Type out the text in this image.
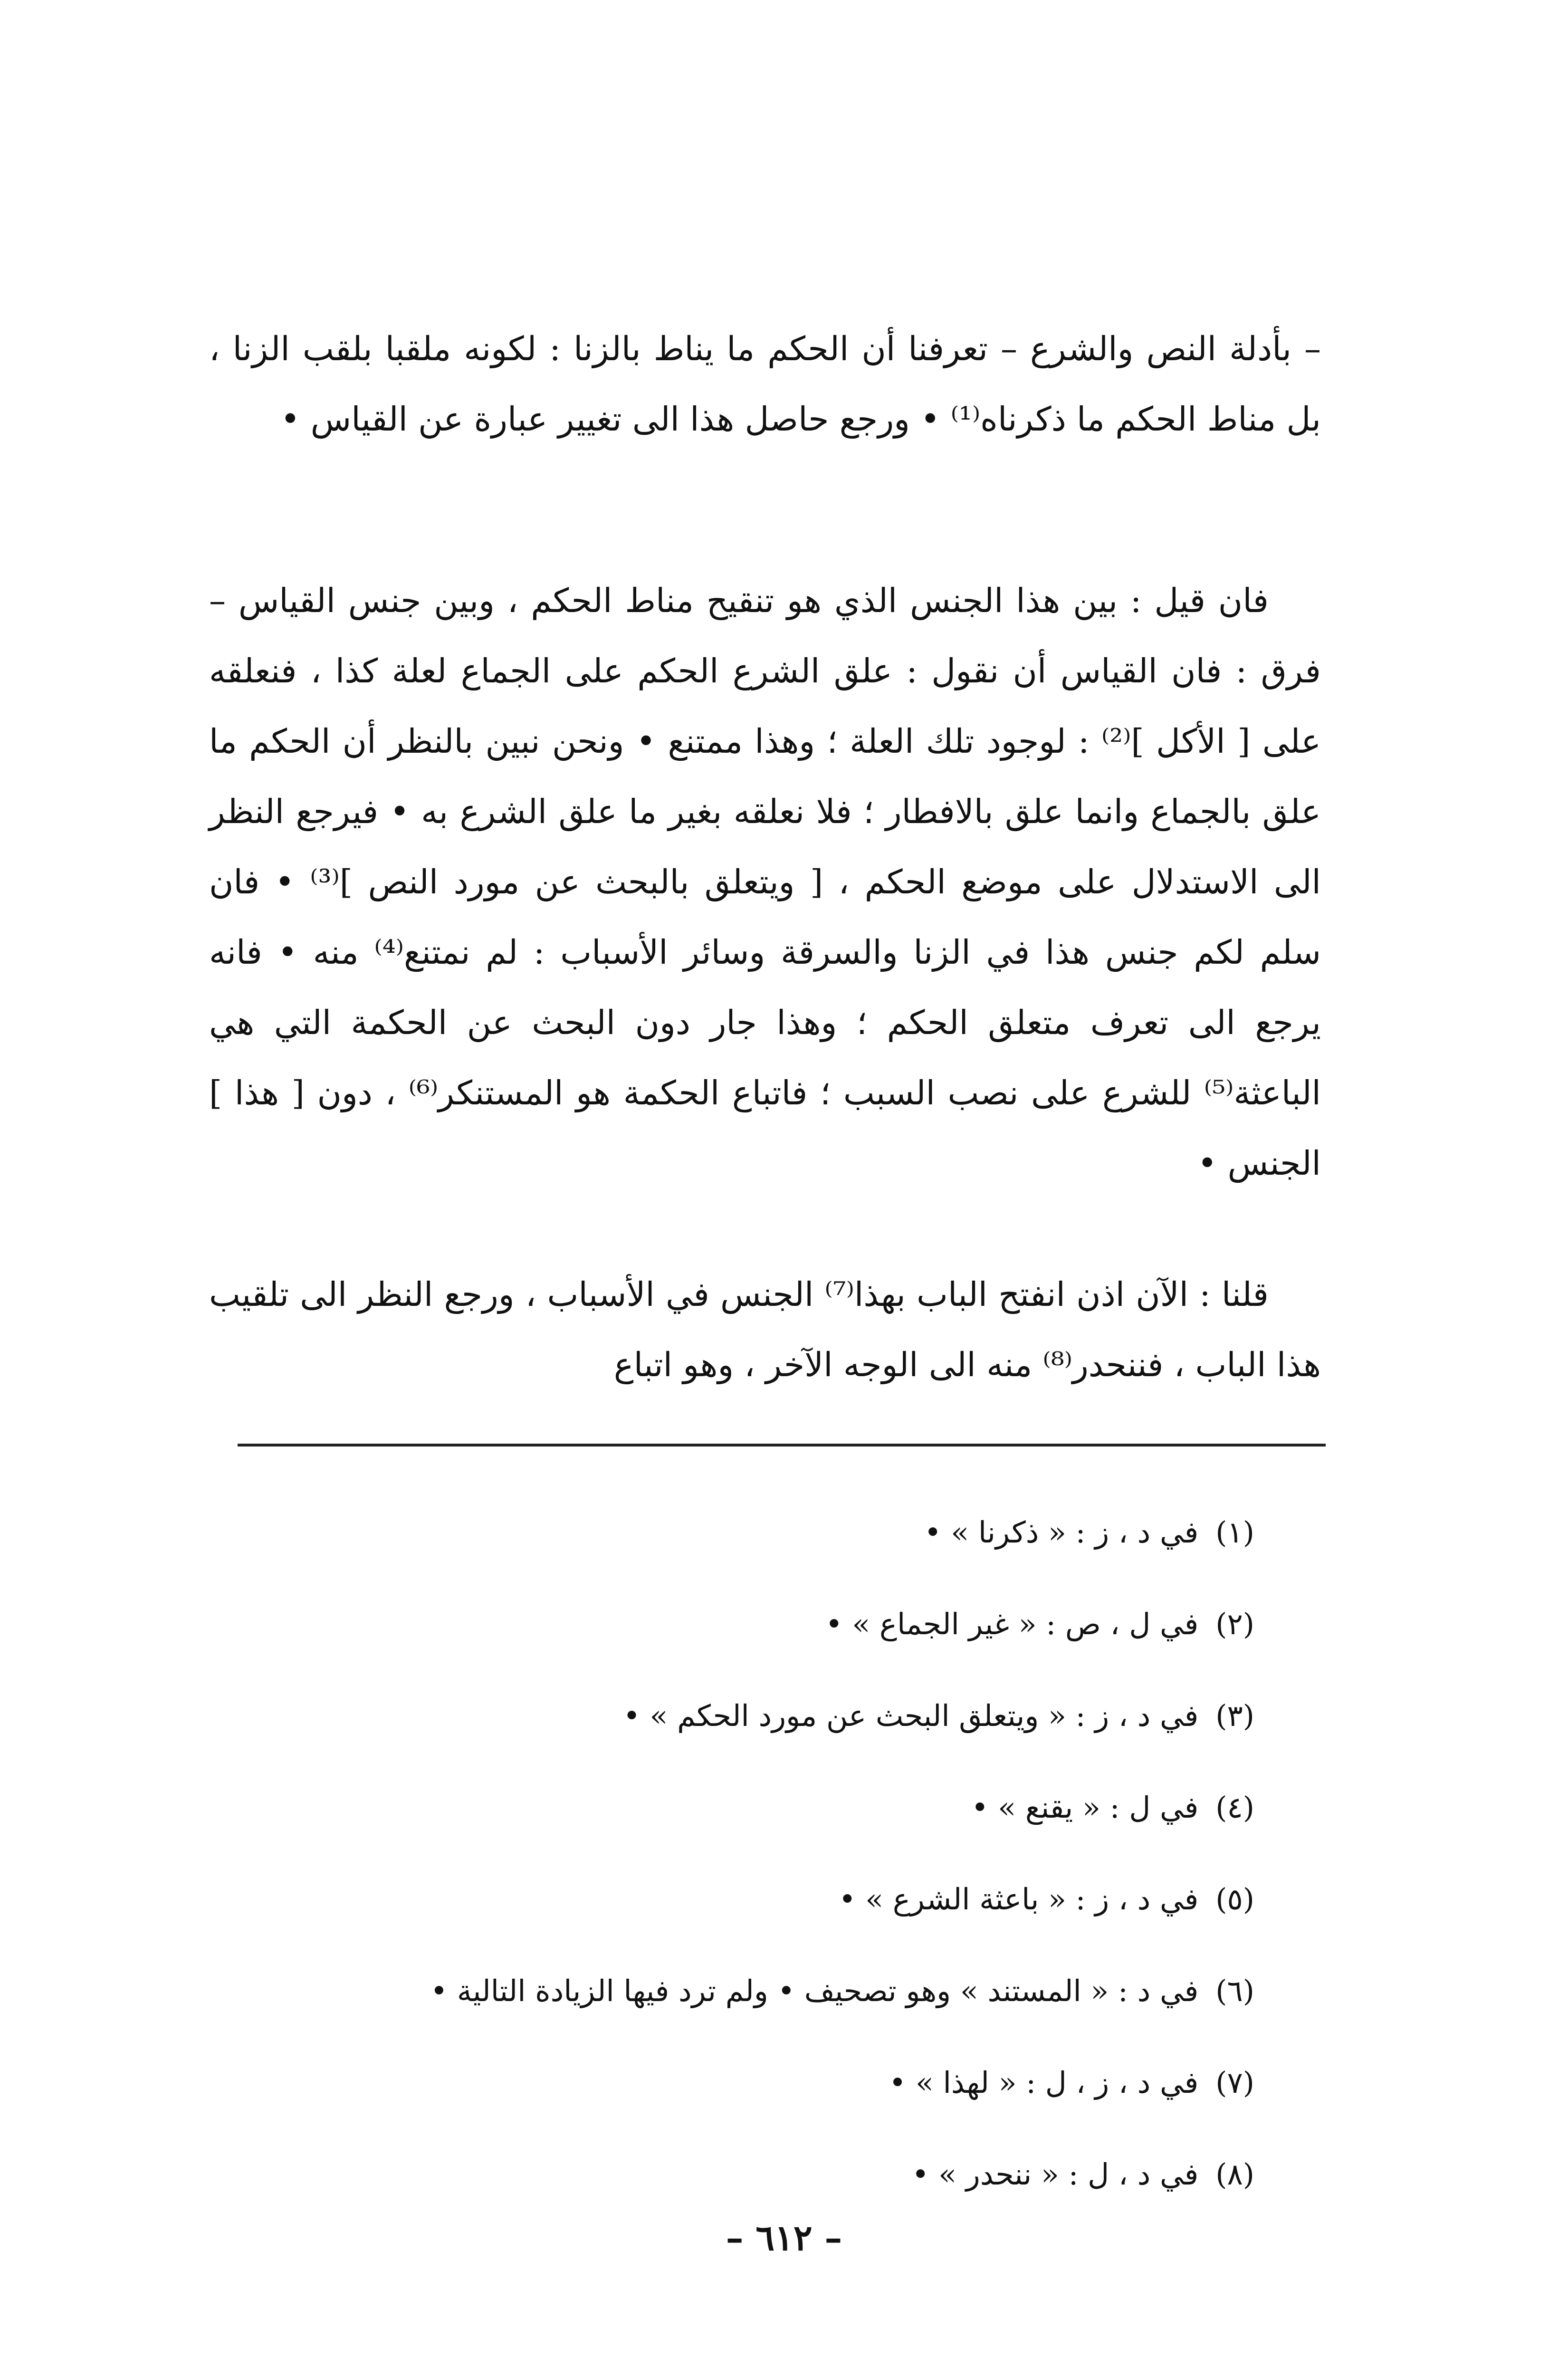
– بأدلة النص والشرع – تعرفنا أن الحكم ما يناط بالزنا : لكونه ملقبا بلقب الزنا ، بل مناط الحكم ما ذكرناه⁽¹⁾ • ورجع حاصل هذا الى تغيير عبارة عن القياس •

فان قيل : بين هذا الجنس الذي هو تنقيح مناط الحكم ، وبين جنس القياس – فرق : فان القياس أن نقول : علق الشرع الحكم على الجماع لعلة كذا ، فنعلقه على [ الأكل ]⁽²⁾ : لوجود تلك العلة ؛ وهذا ممتنع • ونحن نبين بالنظر أن الحكم ما علق بالجماع وانما علق بالافطار ؛ فلا نعلقه بغير ما علق الشرع به • فيرجع النظر الى الاستدلال على موضع الحكم ، [ ويتعلق بالبحث عن مورد النص ]⁽³⁾ • فان سلم لكم جنس هذا في الزنا والسرقة وسائر الأسباب : لم نمتنع⁽⁴⁾ منه • فانه يرجع الى تعرف متعلق الحكم ؛ وهذا جار دون البحث عن الحكمة التي هي الباعثة⁽⁵⁾ للشرع على نصب السبب ؛ فاتباع الحكمة هو المستنكر⁽⁶⁾ ، دون [ هذا ] الجنس •

قلنا : الآن اذن انفتح الباب بهذا⁽⁷⁾ الجنس في الأسباب ، ورجع النظر الى تلقيب هذا الباب ، فننحدر⁽⁸⁾ منه الى الوجه الآخر ، وهو اتباع

(١)في د ، ز : « ذكرنا » •
(٢)في ل ، ص : « غير الجماع » •
(٣)في د ، ز : « ويتعلق البحث عن مورد الحكم » •
(٤)في ل : « يقنع » •
(٥)في د ، ز : « باعثة الشرع » •
(٦)في د : « المستند » وهو تصحيف • ولم ترد فيها الزيادة التالية •
(٧)في د ، ز ، ل : « لهذا » •
(٨)في د ، ل : « ننحدر » •
– ٦١٢ –
